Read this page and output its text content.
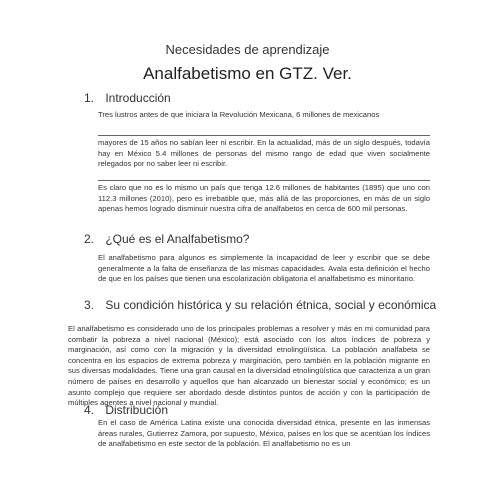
Necesidades de aprendizaje
Analfabetismo en GTZ. Ver.
1. Introducción
Tres lustros antes de que iniciara la Revolución Mexicana, 6 millones de mexicanos
mayores de 15 años no sabían leer ni escribir. En la actualidad, más de un siglo después, todavía hay en México 5.4 millones de personas del mismo rango de edad que viven socialmente relegados por no saber leer ni escribir.
Es claro que no es lo mismo un país que tenga 12.6 millones de habitantes (1895) que uno con 112.3 millones (2010), pero es irrebatible que, más allá de las proporciones, en más de un siglo apenas hemos logrado disminuir nuestra cifra de analfabetos en cerca de 600 mil personas.
2. ¿Qué es el Analfabetismo?
El analfabetismo para algunos es simplemente la incapacidad de leer y escribir que se debe generalmente a la falta de enseñanza de las mismas capacidades. Avala esta definición el hecho de que en los países que tienen una escolarización obligatoria el analfabetismo es minoritario.
3. Su condición histórica y su relación étnica, social y económica
El analfabetismo es considerado uno de los principales problemas a resolver y más en mi comunidad para combatir la pobreza a nivel nacional (México); está asociado con los altos índices de pobreza y marginación, así como con la migración y la diversidad etnolingüística. La población analfabeta se concentra en los espacios de extrema pobreza y marginación, pero también en la población migrante en sus diversas modalidades. Tiene una gran causal en la diversidad etnolingüística que caracteriza a un gran número de países en desarrollo y aquellos que han alcanzado un bienestar social y económico; es un asunto complejo que requiere ser abordado desde distintos puntos de acción y con la participación de múltiples agentes a nivel nacional y mundial.
4. Distribución
En el caso de América Latina existe una conocida diversidad étnica, presente en las inmensas áreas rurales, Gutierrez Zamora, por supuesto, México, países en los que se acentúan los índices de analfabetismo en este sector de la población. El analfabetismo no es un
